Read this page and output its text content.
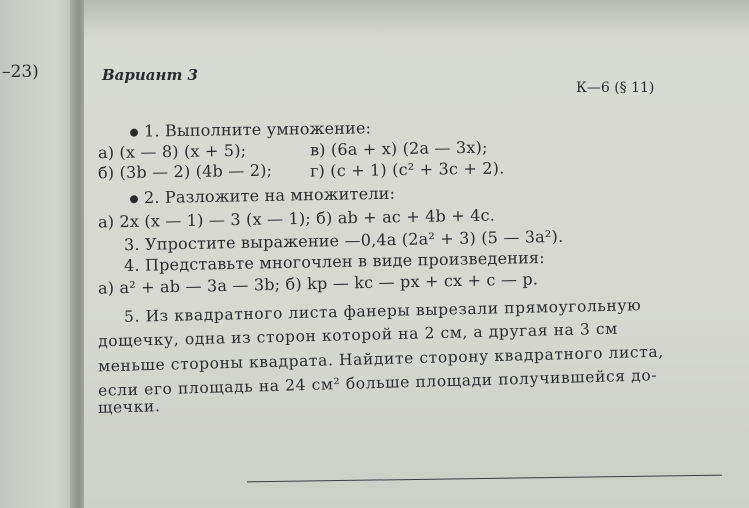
–23)	Вариант 3
К—6 (§ 11)
1. Выполните умножение:
а) (x — 8) (x + 5);	в) (6a + x) (2a — 3x);
б) (3b — 2) (4b — 2); г) (c + 1) (c² + 3c + 2).
2. Разложите на множители:
а) 2x (x — 1) — 3 (x — 1); б) ab + ac + 4b + 4c.
3. Упростите выражение —0,4a (2a² + 3) (5 — 3a²).
4. Представьте многочлен в виде произведения:
а) a² + ab — 3a — 3b; б) kp — kc — px + cx + c — p.
5. Из квадратного листа фанеры вырезали прямоугольную
дощечку, одна из сторон которой на 2 см, а другая на 3 см
меньше стороны квадрата. Найдите сторону квадратного листа,
если его площадь на 24 см² больше площади получившейся до-
щечки.
